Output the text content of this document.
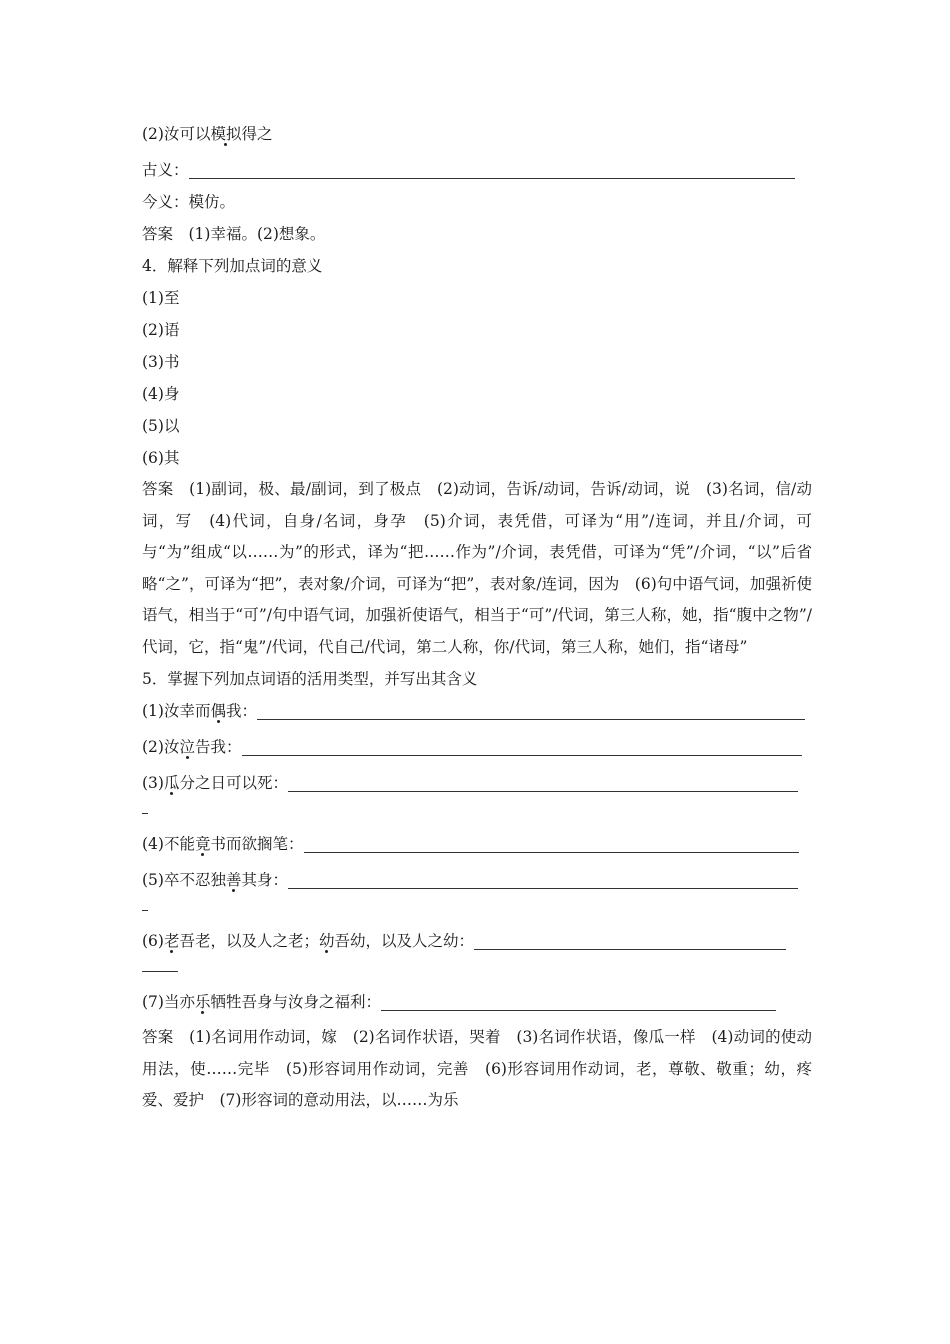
(2)汝可以模拟得之
古义：
今义：模仿。
答案　(1)幸福。(2)想象。
4．解释下列加点词的意义
(1)至
(2)语
(3)书
(4)身
(5)以
(6)其
答案　(1)副词，极、最/副词，到了极点　(2)动词，告诉/动词，告诉/动词，说　(3)名词，信/动词，写　(4)代词，自身/名词，身孕　(5)介词，表凭借，可译为“用”/连词，并且/介词，可与“为”组成“以……为”的形式，译为“把……作为”/介词，表凭借，可译为“凭”/介词，“以”后省略“之”，可译为“把”，表对象/介词，可译为“把”，表对象/连词，因为　(6)句中语气词，加强祈使语气，相当于“可”/句中语气词，加强祈使语气，相当于“可”/代词，第三人称，她，指“腹中之物”/代词，它，指“鬼”/代词，代自己/代词，第二人称，你/代词，第三人称，她们，指“诸母”
5．掌握下列加点词语的活用类型，并写出其含义
(1)汝幸而偶我：
(2)汝泣告我：
(3)瓜分之日可以死：
(4)不能竟书而欲搁笔：
(5)卒不忍独善其身：
(6)老吾老，以及人之老；幼吾幼，以及人之幼：
(7)当亦乐牺牲吾身与汝身之福利：
答案　(1)名词用作动词，嫁　(2)名词作状语，哭着　(3)名词作状语，像瓜一样　(4)动词的使动用法，使……完毕　(5)形容词用作动词，完善　(6)形容词用作动词，老，尊敬、敬重；幼，疼爱、爱护　(7)形容词的意动用法，以……为乐
